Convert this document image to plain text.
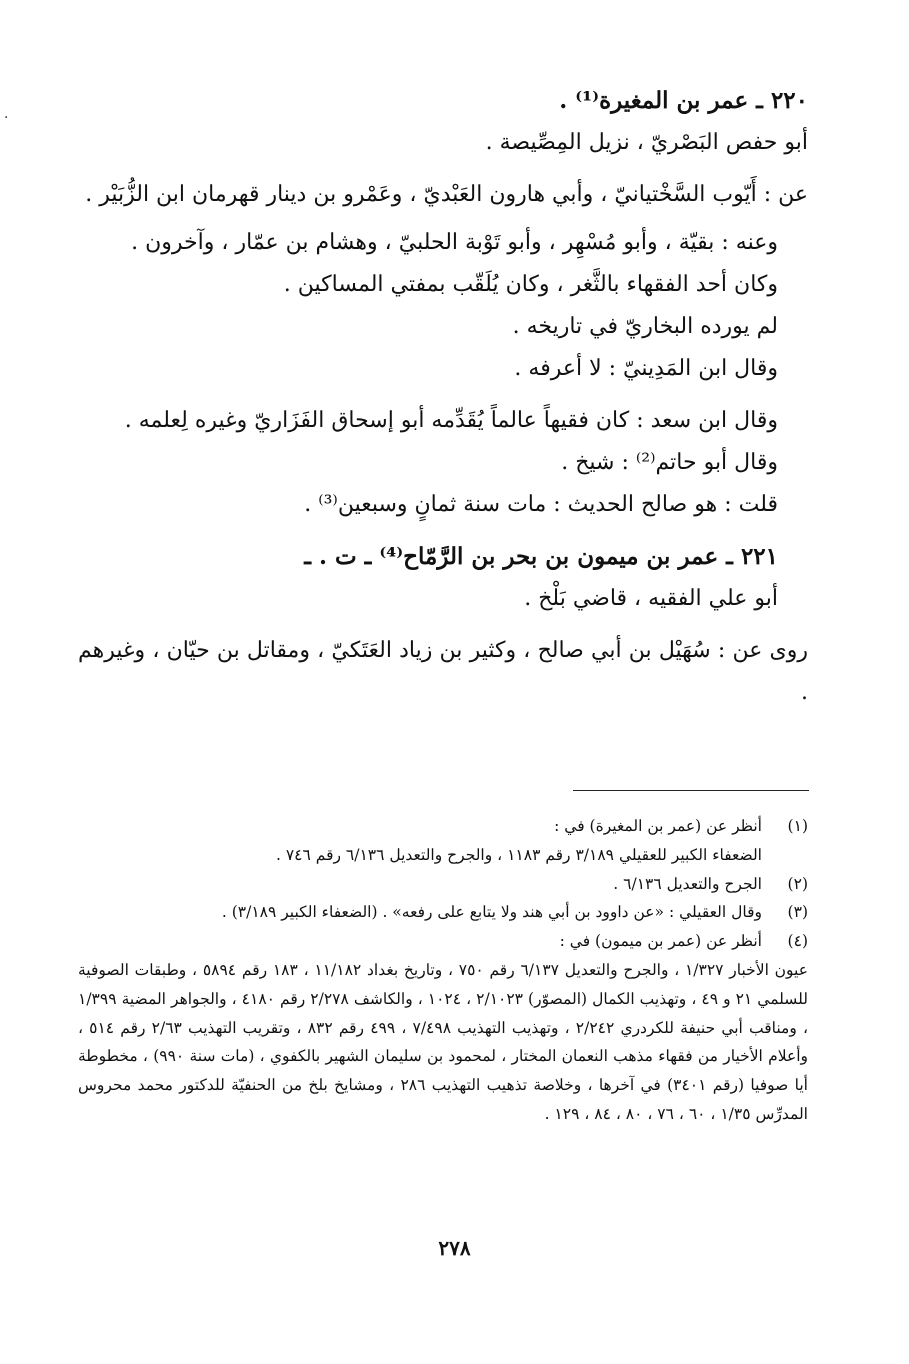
·
٢٢٠ ـ عمر بن المغيرة⁽¹⁾ .
أبو حفص البَصْريّ ، نزيل المِصِّيصة .
عن : أَيّوب السَّخْتيانيّ ، وأبي هارون العَبْديّ ، وعَمْرو بن دينار قهرمان ابن الزُّبَيْر .
وعنه : بقيّة ، وأبو مُسْهِر ، وأبو تَوْبة الحلبيّ ، وهشام بن عمّار ، وآخرون .
وكان أحد الفقهاء بالثَّغر ، وكان يُلَقّب بمفتي المساكين .
لم يورده البخاريّ في تاريخه .
وقال ابن المَدِينيّ : لا أعرفه .
وقال ابن سعد : كان فقيهاً عالماً يُقَدِّمه أبو إسحاق الفَزَاريّ وغيره لِعلمه .
وقال أبو حاتم⁽²⁾ : شيخ .
قلت : هو صالح الحديث : مات سنة ثمانٍ وسبعين⁽³⁾ .
٢٢١ ـ عمر بن ميمون بن بحر بن الرَّمّاح⁽⁴⁾ ـ ت . ـ
أبو علي الفقيه ، قاضي بَلْخ .
روى عن : سُهَيْل بن أبي صالح ، وكثير بن زياد العَتَكيّ ، ومقاتل بن حيّان ، وغيرهم .
(١)
أنظر عن (عمر بن المغيرة) في :
الضعفاء الكبير للعقيلي ٣/١٨٩ رقم ١١٨٣ ، والجرح والتعديل ٦/١٣٦ رقم ٧٤٦ .
(٢)
الجرح والتعديل ٦/١٣٦ .
(٣)
وقال العقيلي : «عن داوود بن أبي هند ولا يتابع على رفعه» . (الضعفاء الكبير ٣/١٨٩) .
(٤)
أنظر عن (عمر بن ميمون) في :
عيون الأخبار ١/٣٢٧ ، والجرح والتعديل ٦/١٣٧ رقم ٧٥٠ ، وتاريخ بغداد ١١/١٨٢ ، ١٨٣ رقم ٥٨٩٤ ، وطبقات الصوفية للسلمي ٢١ و ٤٩ ، وتهذيب الكمال (المصوّر) ٢/١٠٢٣ ، ١٠٢٤ ، والكاشف ٢/٢٧٨ رقم ٤١٨٠ ، والجواهر المضية ١/٣٩٩ ، ومناقب أبي حنيفة للكردري ٢/٢٤٢ ، وتهذيب التهذيب ٧/٤٩٨ ، ٤٩٩ رقم ٨٣٢ ، وتقريب التهذيب ٢/٦٣ رقم ٥١٤ ، وأعلام الأخيار من فقهاء مذهب النعمان المختار ، لمحمود بن سليمان الشهير بالكفوي ، (مات سنة ٩٩٠) ، مخطوطة أيا صوفيا (رقم ٣٤٠١) في آخرها ، وخلاصة تذهيب التهذيب ٢٨٦ ، ومشايخ بلخ من الحنفيّة للدكتور محمد محروس المدرِّس ١/٣٥ ، ٦٠ ، ٧٦ ، ٨٠ ، ٨٤ ، ١٢٩ .
٢٧٨
